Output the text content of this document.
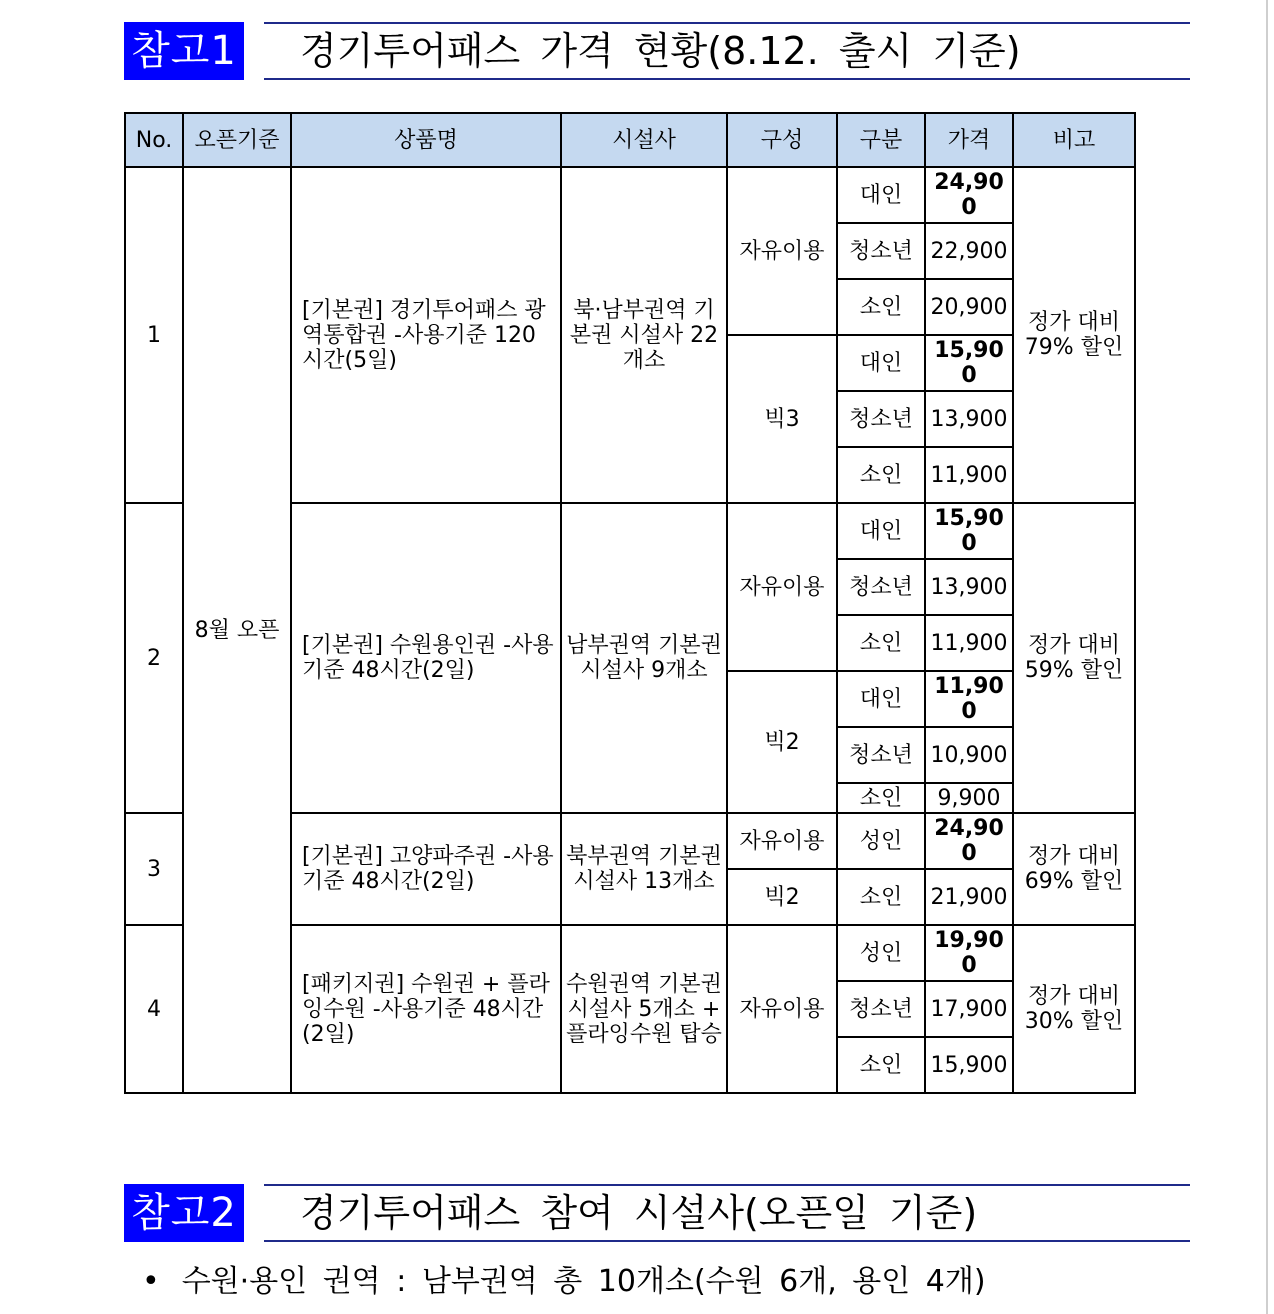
참고1 경기투어패스 가격 현황(8.12. 출시 기준)
No.	오픈기준	상품명	시설사	구성	구분	가격	비고
1	8월 오픈	[기본권] 경기투어패스 광역통합권 -사용기준 120시간(5일)	북·남부권역 기본권 시설사 22개소	자유이용	대인	24,900	정가 대비 79% 할인
					청소년	22,900	
					소인	20,900	
				빅3	대인	15,900	
					청소년	13,900	
					소인	11,900	
2		[기본권] 수원용인권 -사용기준 48시간(2일)	남부권역 기본권 시설사 9개소	자유이용	대인	15,900	정가 대비 59% 할인
					청소년	13,900	
					소인	11,900	
				빅2	대인	11,900	
					청소년	10,900	
					소인	9,900	
3		[기본권] 고양파주권 -사용기준 48시간(2일)	북부권역 기본권 시설사 13개소	자유이용	성인	24,900	정가 대비 69% 할인
				빅2	소인	21,900	
4		[패키지권] 수원권 + 플라잉수원 -사용기준 48시간(2일)	수원권역 기본권 시설사 5개소 + 플라잉수원 탑승	자유이용	성인	19,900	정가 대비 30% 할인
					청소년	17,900	
					소인	15,900	
참고2 경기투어패스 참여 시설사(오픈일 기준)
• 수원·용인 권역 : 남부권역 총 10개소(수원 6개, 용인 4개)
